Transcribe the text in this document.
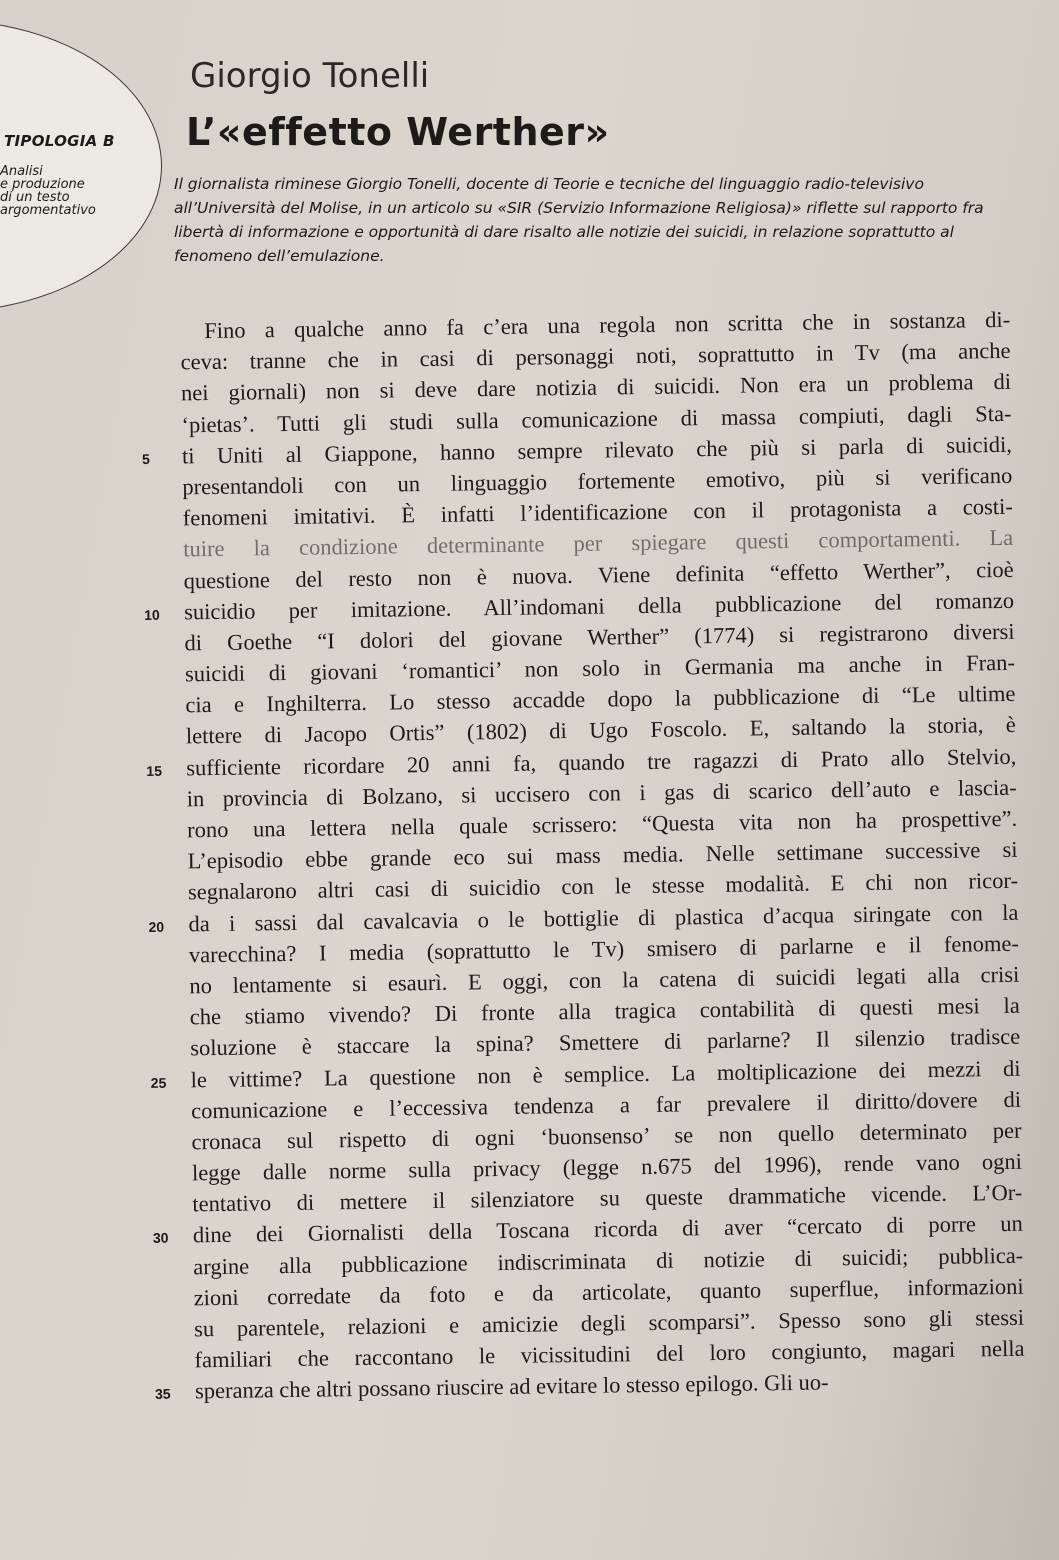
TIPOLOGIA B
Analisi
e produzione
di un testo
argomentativo
Giorgio Tonelli
L’«effetto Werther»
Il giornalista riminese Giorgio Tonelli, docente di Teorie e tecniche del linguaggio radio-televisivo all’Università del Molise, in un articolo su «SIR (Servizio Informazione Religiosa)» riflette sul rapporto fra libertà di informazione e opportunità di dare risalto alle notizie dei suicidi, in relazione soprattutto al fenomeno dell’emulazione.
Fino a qualche anno fa c’era una regola non scritta che in sostanza di-
ceva: tranne che in casi di personaggi noti, soprattutto in Tv (ma anche
nei giornali) non si deve dare notizia di suicidi. Non era un problema di
‘pietas’. Tutti gli studi sulla comunicazione di massa compiuti, dagli Sta-
5	ti Uniti al Giappone, hanno sempre rilevato che più si parla di suicidi,
presentandoli con un linguaggio fortemente emotivo, più si verificano
fenomeni imitativi. È infatti l’identificazione con il protagonista a costi-
tuire la condizione determinante per spiegare questi comportamenti. La
questione del resto non è nuova. Viene definita “effetto Werther”, cioè
10	suicidio per imitazione. All’indomani della pubblicazione del romanzo
di Goethe “I dolori del giovane Werther” (1774) si registrarono diversi
suicidi di giovani ‘romantici’ non solo in Germania ma anche in Fran-
cia e Inghilterra. Lo stesso accadde dopo la pubblicazione di “Le ultime
lettere di Jacopo Ortis” (1802) di Ugo Foscolo. E, saltando la storia, è
15	sufficiente ricordare 20 anni fa, quando tre ragazzi di Prato allo Stelvio,
in provincia di Bolzano, si uccisero con i gas di scarico dell’auto e lascia-
rono una lettera nella quale scrissero: “Questa vita non ha prospettive”.
L’episodio ebbe grande eco sui mass media. Nelle settimane successive si
segnalarono altri casi di suicidio con le stesse modalità. E chi non ricor-
20	da i sassi dal cavalcavia o le bottiglie di plastica d’acqua siringate con la
varecchina? I media (soprattutto le Tv) smisero di parlarne e il fenome-
no lentamente si esaurì. E oggi, con la catena di suicidi legati alla crisi
che stiamo vivendo? Di fronte alla tragica contabilità di questi mesi la
soluzione è staccare la spina? Smettere di parlarne? Il silenzio tradisce
25	le vittime? La questione non è semplice. La moltiplicazione dei mezzi di
comunicazione e l’eccessiva tendenza a far prevalere il diritto/dovere di
cronaca sul rispetto di ogni ‘buonsenso’ se non quello determinato per
legge dalle norme sulla privacy (legge n.675 del 1996), rende vano ogni
tentativo di mettere il silenziatore su queste drammatiche vicende. L’Or-
30	dine dei Giornalisti della Toscana ricorda di aver “cercato di porre un
argine alla pubblicazione indiscriminata di notizie di suicidi; pubblica-
zioni corredate da foto e da articolate, quanto superflue, informazioni
su parentele, relazioni e amicizie degli scomparsi”. Spesso sono gli stessi
familiari che raccontano le vicissitudini del loro congiunto, magari nella
35	speranza che altri possano riuscire ad evitare lo stesso epilogo. Gli uo-
